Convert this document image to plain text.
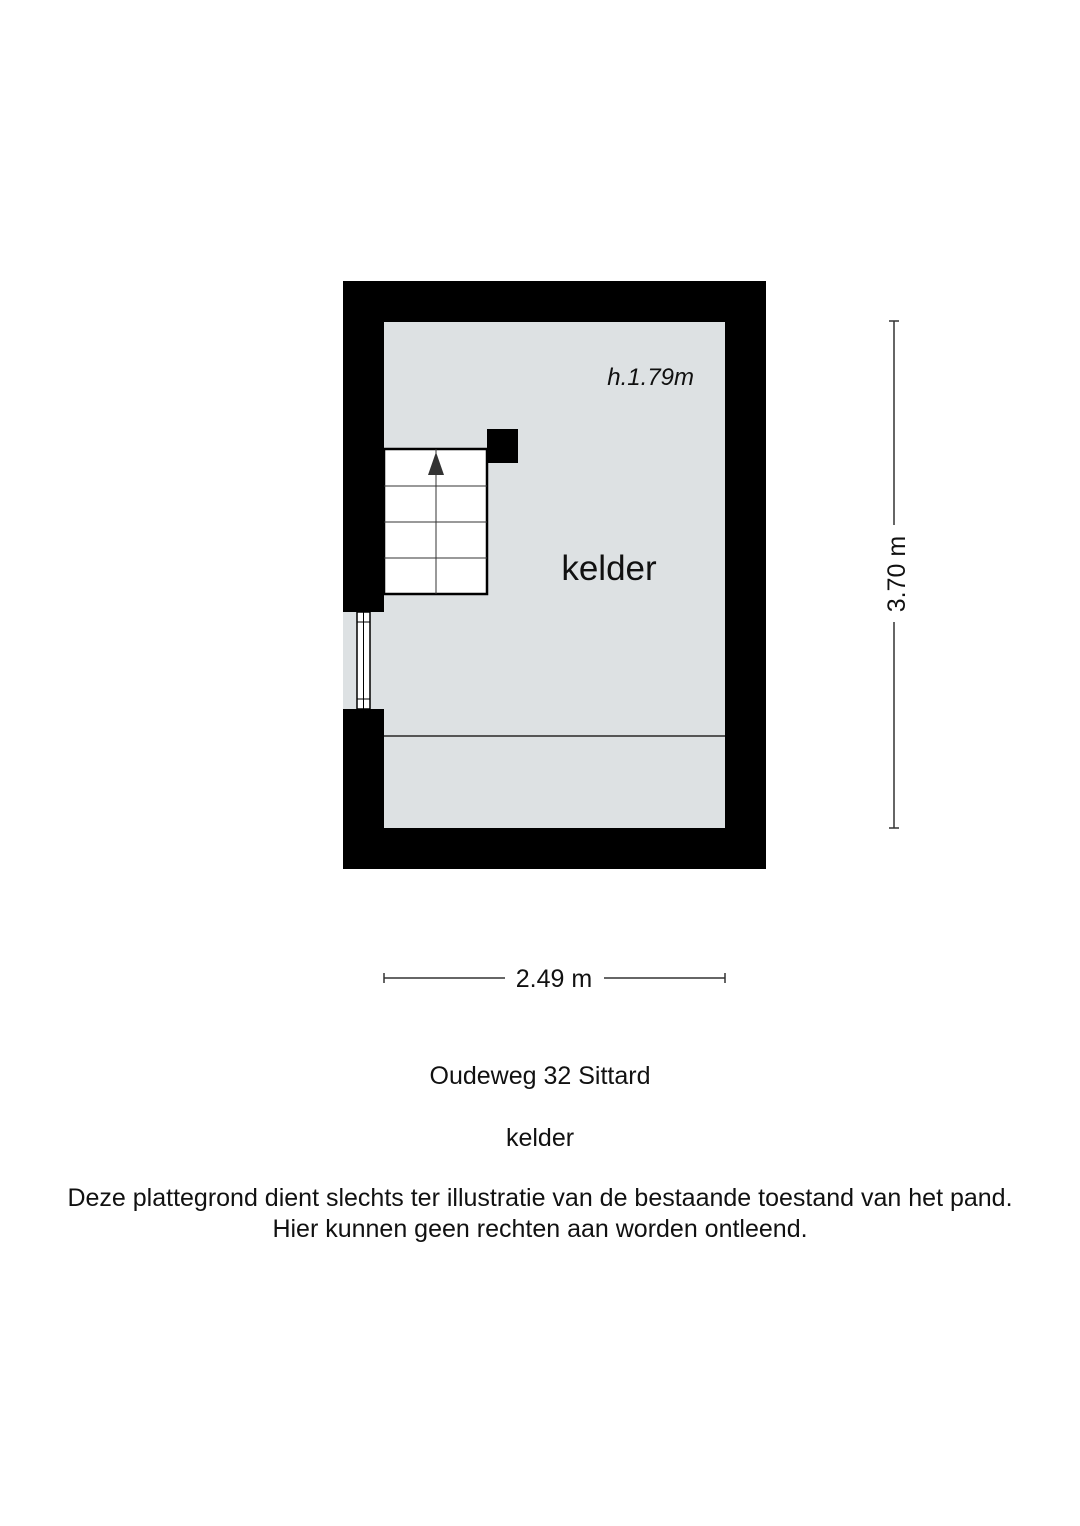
h.1.79m
kelder	3.70 m
2.49 m
Oudeweg 32 Sittard
kelder
Deze plattegrond dient slechts ter illustratie van de bestaande toestand van het pand.
Hier kunnen geen rechten aan worden ontleend.
